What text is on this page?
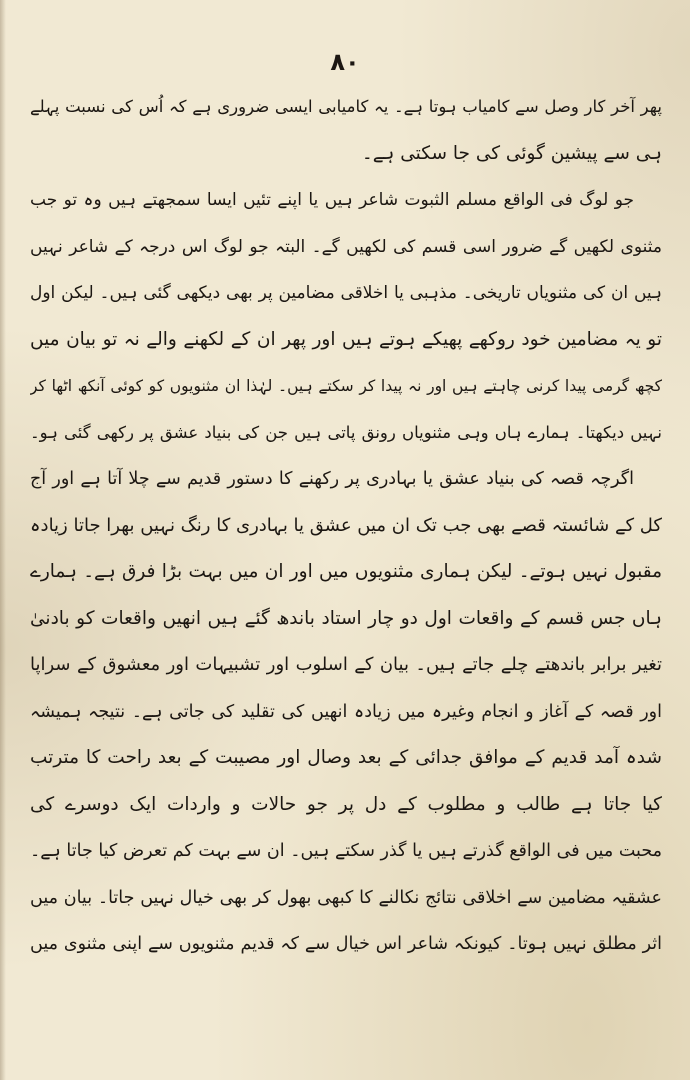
۸۰
پھر آخر کار وصل سے کامیاب ہوتا ہے۔ یہ کامیابی ایسی ضروری ہے کہ اُس کی نسبت پہلے
ہی سے پیشین گوئی کی جا سکتی ہے۔
جو لوگ فی الواقع مسلم الثبوت شاعر ہیں یا اپنے تئیں ایسا سمجھتے ہیں وہ تو جب
مثنوی لکھیں گے ضرور اسی قسم کی لکھیں گے۔ البتہ جو لوگ اس درجہ کے شاعر نہیں
ہیں ان کی مثنویاں تاریخی۔ مذہبی یا اخلاقی مضامین پر بھی دیکھی گئی ہیں۔ لیکن اول
تو یہ مضامین خود روکھے پھیکے ہوتے ہیں اور پھر ان کے لکھنے والے نہ تو بیان میں
کچھ گرمی پیدا کرنی چاہتے ہیں اور نہ پیدا کر سکتے ہیں۔ لہٰذا ان مثنویوں کو کوئی آنکھ اٹھا کر
نہیں دیکھتا۔ ہمارے ہاں وہی مثنویاں رونق پاتی ہیں جن کی بنیاد عشق پر رکھی گئی ہو۔
اگرچہ قصہ کی بنیاد عشق یا بہادری پر رکھنے کا دستور قدیم سے چلا آتا ہے اور آج
کل کے شائستہ قصے بھی جب تک ان میں عشق یا بہادری کا رنگ نہیں بھرا جاتا زیادہ
مقبول نہیں ہوتے۔ لیکن ہماری مثنویوں میں اور ان میں بہت بڑا فرق ہے۔ ہمارے
ہاں جس قسم کے واقعات اول دو چار استاد باندھ گئے ہیں انھیں واقعات کو بادنیٰ
تغیر برابر باندھتے چلے جاتے ہیں۔ بیان کے اسلوب اور تشبیہات اور معشوق کے سراپا
اور قصہ کے آغاز و انجام وغیرہ میں زیادہ انھیں کی تقلید کی جاتی ہے۔ نتیجہ ہمیشہ
شدہ آمد قدیم کے موافق جدائی کے بعد وصال اور مصیبت کے بعد راحت کا مترتب
کیا جاتا ہے طالب و مطلوب کے دل پر جو حالات و واردات ایک دوسرے کی
محبت میں فی الواقع گذرتے ہیں یا گذر سکتے ہیں۔ ان سے بہت کم تعرض کیا جاتا ہے۔
عشقیہ مضامین سے اخلاقی نتائج نکالنے کا کبھی بھول کر بھی خیال نہیں جاتا۔ بیان میں
اثر مطلق نہیں ہوتا۔ کیونکہ شاعر اس خیال سے کہ قدیم مثنویوں سے اپنی مثنوی میں
